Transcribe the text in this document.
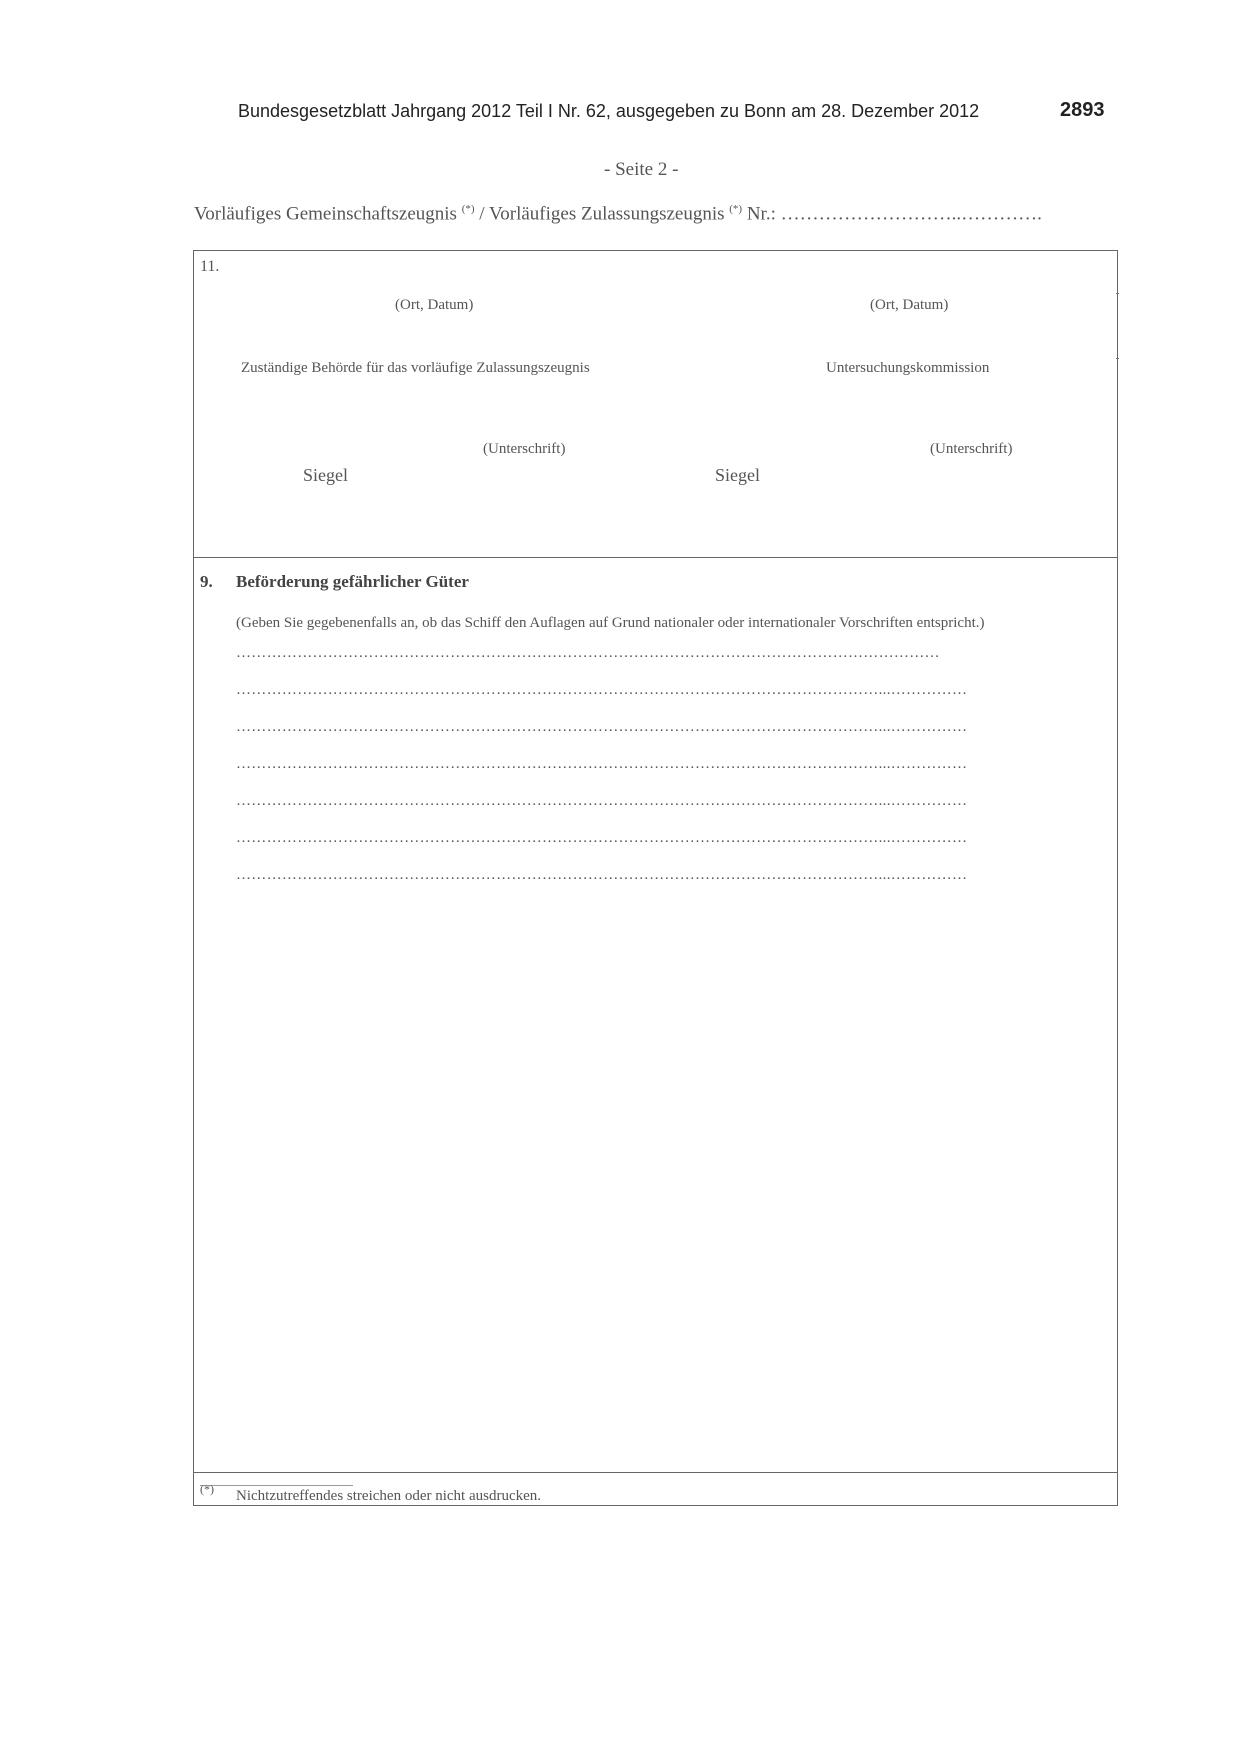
Bundesgesetzblatt Jahrgang 2012 Teil I Nr. 62, ausgegeben zu Bonn am 28. Dezember 2012	2893
- Seite 2 -
Vorläufiges Gemeinschaftszeugnis (*) / Vorläufiges Zulassungszeugnis (*) Nr.: ………………………..………….
11.
(Ort, Datum)	(Ort, Datum)
Zuständige Behörde für das vorläufige Zulassungszeugnis	Untersuchungskommission
(Unterschrift)	(Unterschrift)
Siegel	Siegel
9. Beförderung gefährlicher Güter
(Geben Sie gegebenenfalls an, ob das Schiff den Auflagen auf Grund nationaler oder internationaler Vorschriften entspricht.)
…………………………………………………………………………………………………………………………
………………………………………………………………………………………………………………...……………
………………………………………………………………………………………………………………...……………
………………………………………………………………………………………………………………...……………
………………………………………………………………………………………………………………...……………
………………………………………………………………………………………………………………...……………
………………………………………………………………………………………………………………...……………
(*) Nichtzutreffendes streichen oder nicht ausdrucken.
